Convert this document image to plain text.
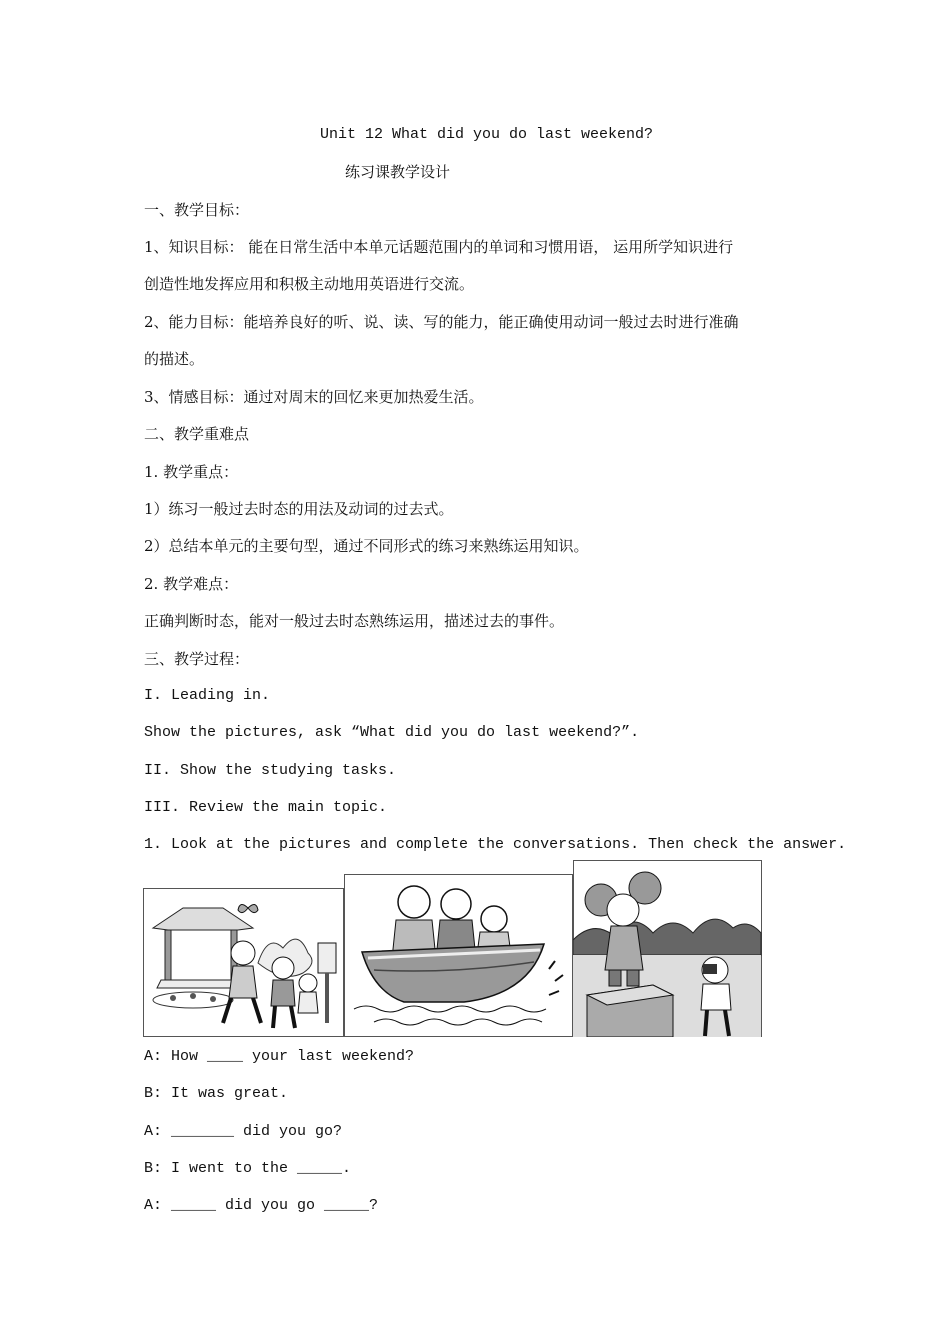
Unit 12 What did you do last weekend?
练习课教学设计
一、教学目标：
1、知识目标： 能在日常生活中本单元话题范围内的单词和习惯用语， 运用所学知识进行
创造性地发挥应用和积极主动地用英语进行交流。
2、能力目标：能培养良好的听、说、读、写的能力，能正确使用动词一般过去时进行准确
的描述。
3、情感目标：通过对周末的回忆来更加热爱生活。
二、教学重难点
1. 教学重点：
1）练习一般过去时态的用法及动词的过去式。
2）总结本单元的主要句型，通过不同形式的练习来熟练运用知识。
2. 教学难点：
正确判断时态，能对一般过去时态熟练运用，描述过去的事件。
三、教学过程：
I. Leading in.
Show the pictures, ask “What did you do last weekend?”.
II. Show the studying tasks.
III. Review the main topic.
1. Look at the pictures and complete the conversations. Then check the answer.
A: How ____ your last weekend?
B: It was great.
A: _______ did you go?
B: I went to the _____.
A: _____ did you go _____?
